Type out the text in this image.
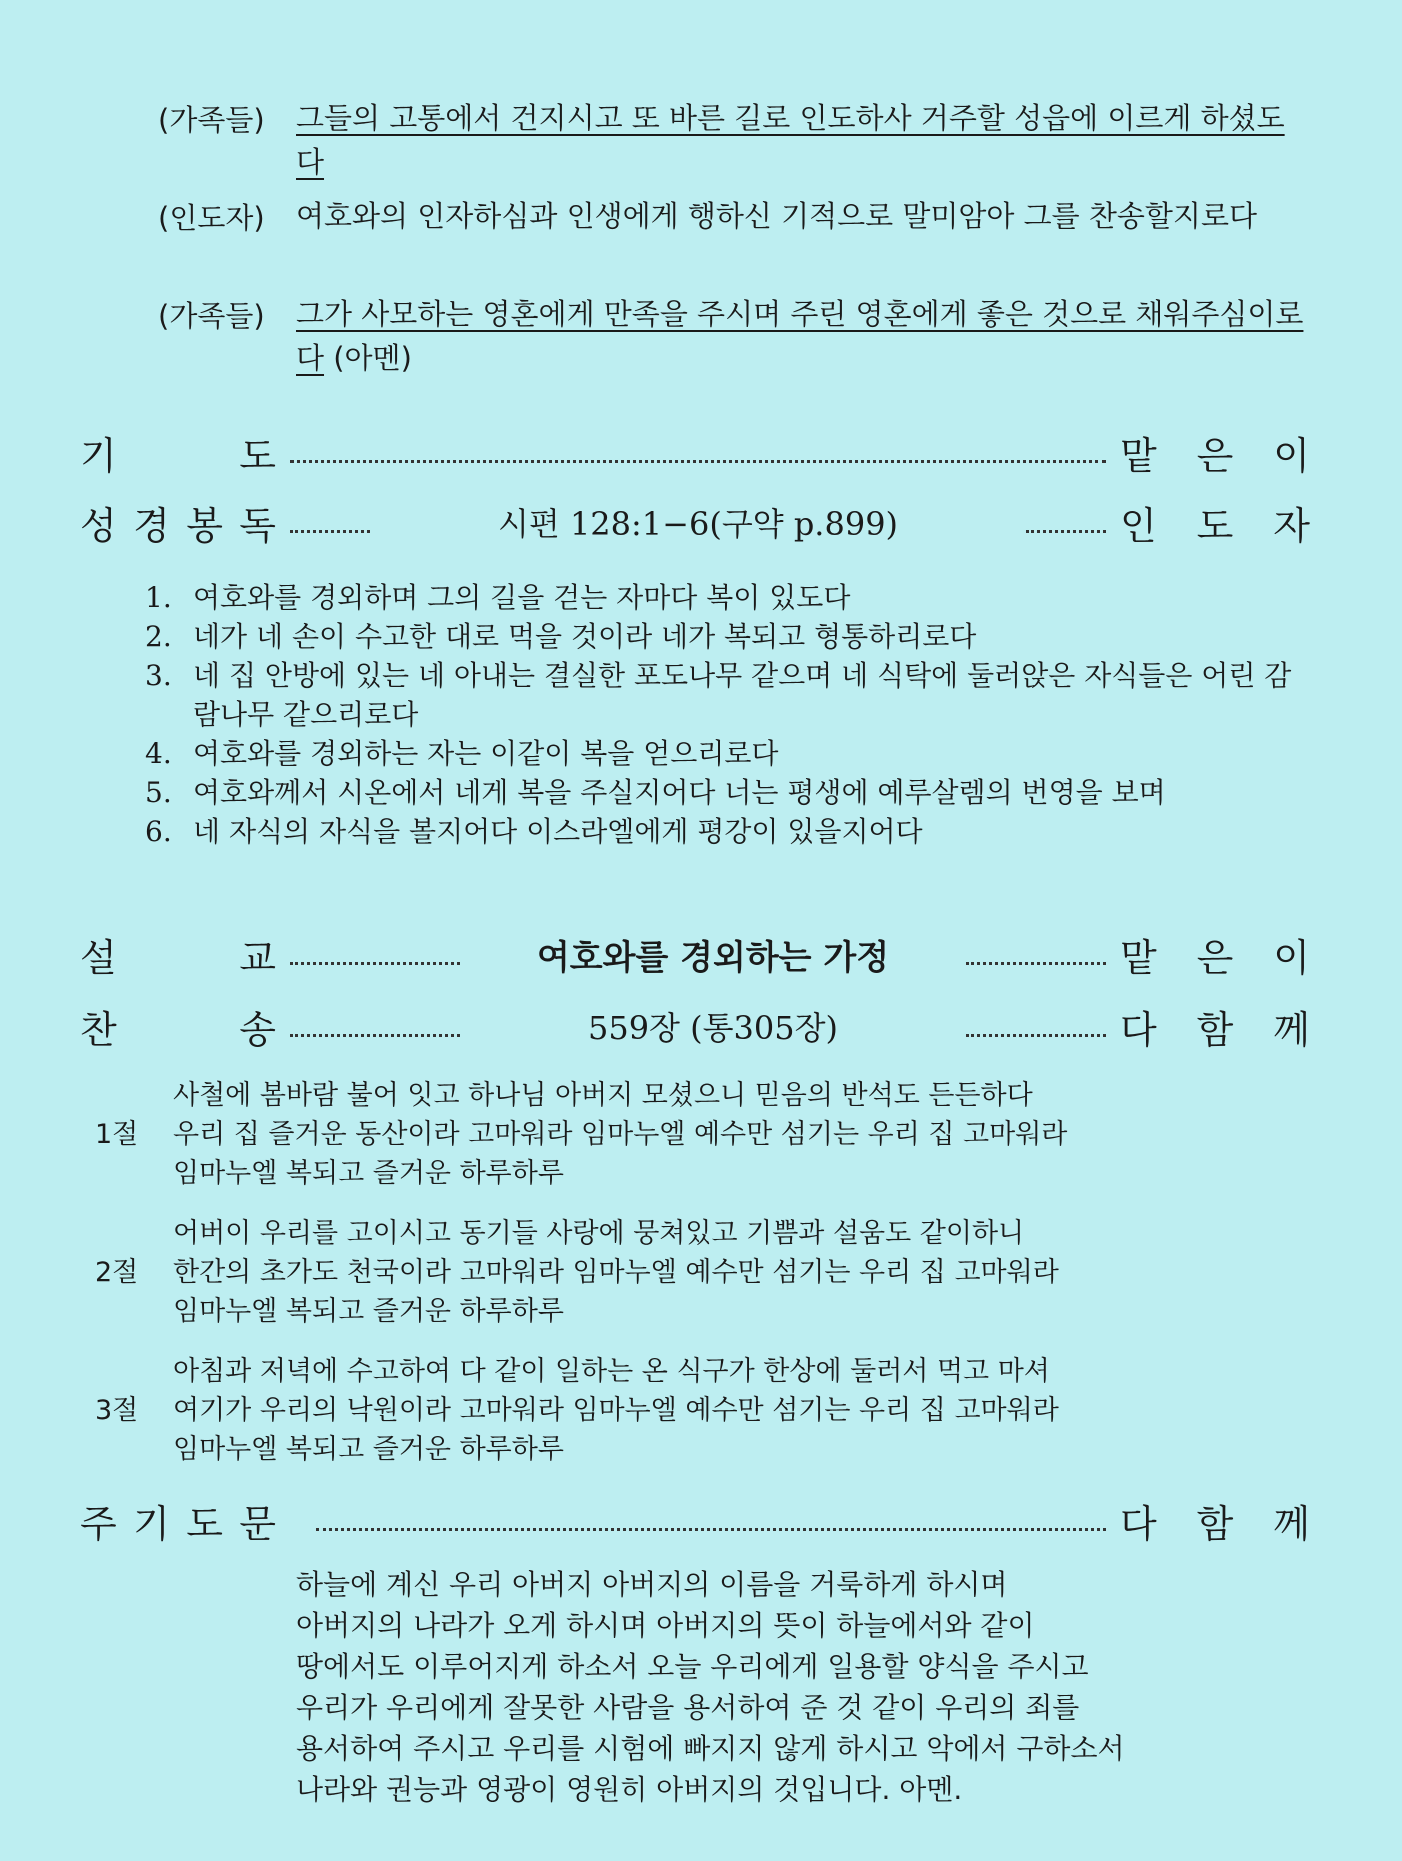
(가족들) 그들의 고통에서 건지시고 또 바른 길로 인도하사 거주할 성읍에 이르게 하셨도다
(인도자) 여호와의 인자하심과 인생에게 행하신 기적으로 말미암아 그를 찬송할지로다
(가족들) 그가 사모하는 영혼에게 만족을 주시며 주린 영혼에게 좋은 것으로 채워주심이로다 (아멘)
기	도	맡 은 이
성 경 봉 독	시편 128:1−6(구약 p.899)	인 도 자
1. 여호와를 경외하며 그의 길을 걷는 자마다 복이 있도다
2. 네가 네 손이 수고한 대로 먹을 것이라 네가 복되고 형통하리로다
3. 네 집 안방에 있는 네 아내는 결실한 포도나무 같으며 네 식탁에 둘러앉은 자식들은 어린 감람나무 같으리로다
4. 여호와를 경외하는 자는 이같이 복을 얻으리로다
5. 여호와께서 시온에서 네게 복을 주실지어다 너는 평생에 예루살렘의 번영을 보며
6. 네 자식의 자식을 볼지어다 이스라엘에게 평강이 있을지어다
설	교	여호와를 경외하는 가정	맡 은 이
찬	송	559장 (통305장)	다 함 께
1절
사철에 봄바람 불어 잇고 하나님 아버지 모셨으니 믿음의 반석도 든든하다
우리 집 즐거운 동산이라 고마워라 임마누엘 예수만 섬기는 우리 집 고마워라
임마누엘 복되고 즐거운 하루하루
2절
어버이 우리를 고이시고 동기들 사랑에 뭉쳐있고 기쁨과 설움도 같이하니
한간의 초가도 천국이라 고마워라 임마누엘 예수만 섬기는 우리 집 고마워라
임마누엘 복되고 즐거운 하루하루
3절
아침과 저녁에 수고하여 다 같이 일하는 온 식구가 한상에 둘러서 먹고 마셔
여기가 우리의 낙원이라 고마워라 임마누엘 예수만 섬기는 우리 집 고마워라
임마누엘 복되고 즐거운 하루하루
주 기 도 문	다 함 께
하늘에 계신 우리 아버지 아버지의 이름을 거룩하게 하시며
아버지의 나라가 오게 하시며 아버지의 뜻이 하늘에서와 같이
땅에서도 이루어지게 하소서 오늘 우리에게 일용할 양식을 주시고
우리가 우리에게 잘못한 사람을 용서하여 준 것 같이 우리의 죄를
용서하여 주시고 우리를 시험에 빠지지 않게 하시고 악에서 구하소서
나라와 권능과 영광이 영원히 아버지의 것입니다. 아멘.
